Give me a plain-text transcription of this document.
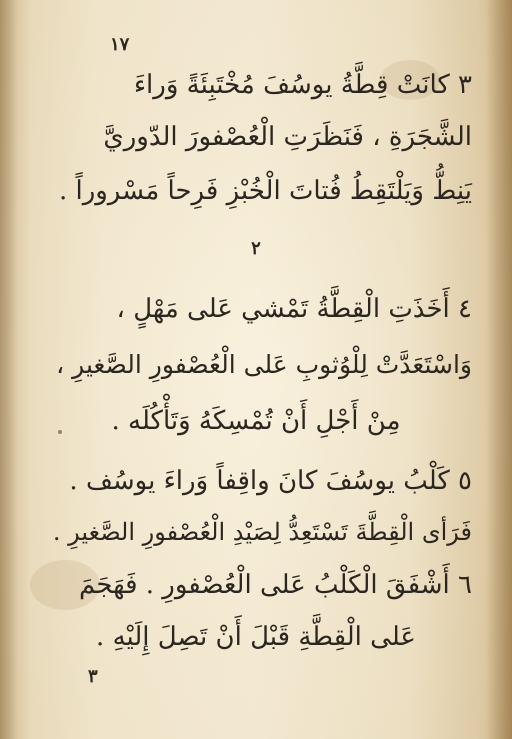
١٧
٣ كانَتْ قِطَّةُ يوسُفَ مُخْتَبِئَةً وَراءَ
الشَّجَرَةِ ، فَنَظَرَتِ الْعُصْفورَ الدّوريَّ
يَنِطُّ وَيَلْتَقِطُ فُتاتَ الْخُبْزِ فَرِحاً مَسْروراً .
٢
٤ أَخَذَتِ الْقِطَّةُ تَمْشي عَلى مَهْلٍ ،
وَاسْتَعَدَّتْ لِلْوُثوبِ عَلى الْعُصْفورِ الصَّغيرِ ،
مِنْ أَجْلِ أَنْ تُمْسِكَهُ وَتَأْكُلَه .
٥ كَلْبُ يوسُفَ كانَ واقِفاً وَراءَ يوسُف .
فَرَأى الْقِطَّةَ تَسْتَعِدُّ لِصَيْدِ الْعُصْفورِ الصَّغيرِ .
٦ أَشْفَقَ الْكَلْبُ عَلى الْعُصْفورِ . فَهَجَمَ
عَلى الْقِطَّةِ قَبْلَ أَنْ تَصِلَ إِلَيْهِ .
٣
